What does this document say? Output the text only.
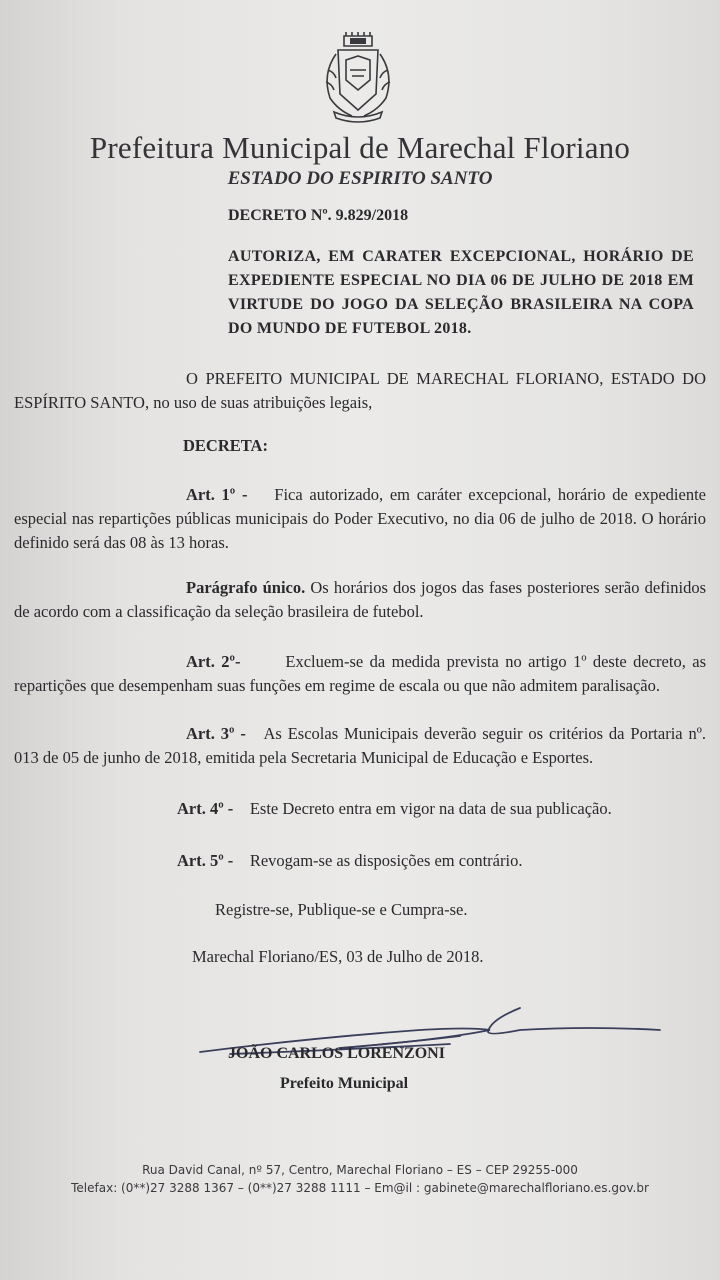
Prefeitura Municipal de Marechal Floriano
ESTADO DO ESPIRITO SANTO
DECRETO Nº. 9.829/2018
AUTORIZA, EM CARATER EXCEPCIONAL, HORÁRIO DE EXPEDIENTE ESPECIAL NO DIA 06 DE JULHO DE 2018 EM VIRTUDE DO JOGO DA SELEÇÃO BRASILEIRA NA COPA DO MUNDO DE FUTEBOL 2018.
O PREFEITO MUNICIPAL DE MARECHAL FLORIANO, ESTADO DO ESPÍRITO SANTO, no uso de suas atribuições legais,
DECRETA:
Art. 1º - Fica autorizado, em caráter excepcional, horário de expediente especial nas repartições públicas municipais do Poder Executivo, no dia 06 de julho de 2018. O horário definido será das 08 às 13 horas.
Parágrafo único. Os horários dos jogos das fases posteriores serão definidos de acordo com a classificação da seleção brasileira de futebol.
Art. 2º-	Excluem-se da medida prevista no artigo 1º deste decreto, as repartições que desempenham suas funções em regime de escala ou que não admitem paralisação.
Art. 3º - As Escolas Municipais deverão seguir os critérios da Portaria nº. 013 de 05 de junho de 2018, emitida pela Secretaria Municipal de Educação e Esportes.
Art. 4º - Este Decreto entra em vigor na data de sua publicação.
Art. 5º - Revogam-se as disposições em contrário.
Registre-se, Publique-se e Cumpra-se.
Marechal Floriano/ES, 03 de Julho de 2018.
JOÃO CARLOS LORENZONI
Prefeito Municipal
Rua David Canal, nº 57, Centro, Marechal Floriano – ES – CEP 29255-000
Telefax: (0**)27 3288 1367 – (0**)27 3288 1111 – Em@il : gabinete@marechalfloriano.es.gov.br
